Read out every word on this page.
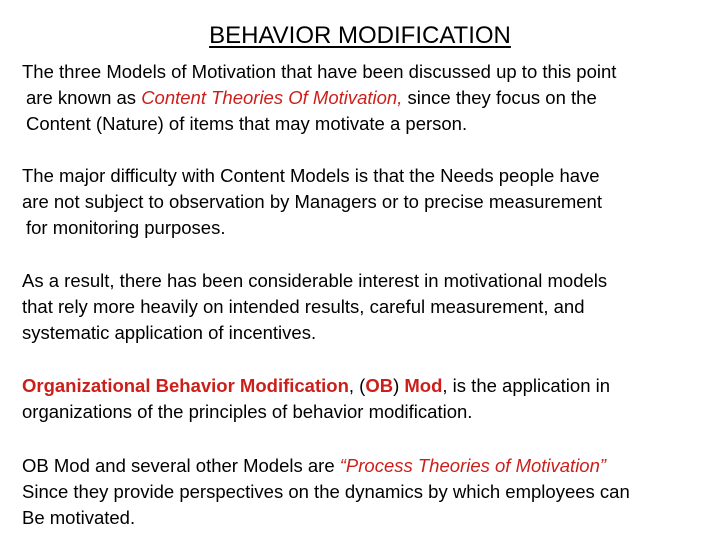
BEHAVIOR MODIFICATION
The three Models of Motivation that have been discussed up to this point
are known as Content Theories Of Motivation, since they focus on the
Content (Nature) of items that may motivate a person.
The major difficulty with Content Models is that the Needs people have
are not subject to observation by Managers or to precise measurement
for monitoring purposes.
As a result, there has been considerable interest in motivational models
that rely more heavily on intended results, careful measurement, and
systematic application of incentives.
Organizational Behavior Modification, (OB) Mod, is the application in
organizations of the principles of behavior modification.
OB Mod and several other Models are “Process Theories of Motivation”
Since they provide perspectives on the dynamics by which employees can
Be motivated.
